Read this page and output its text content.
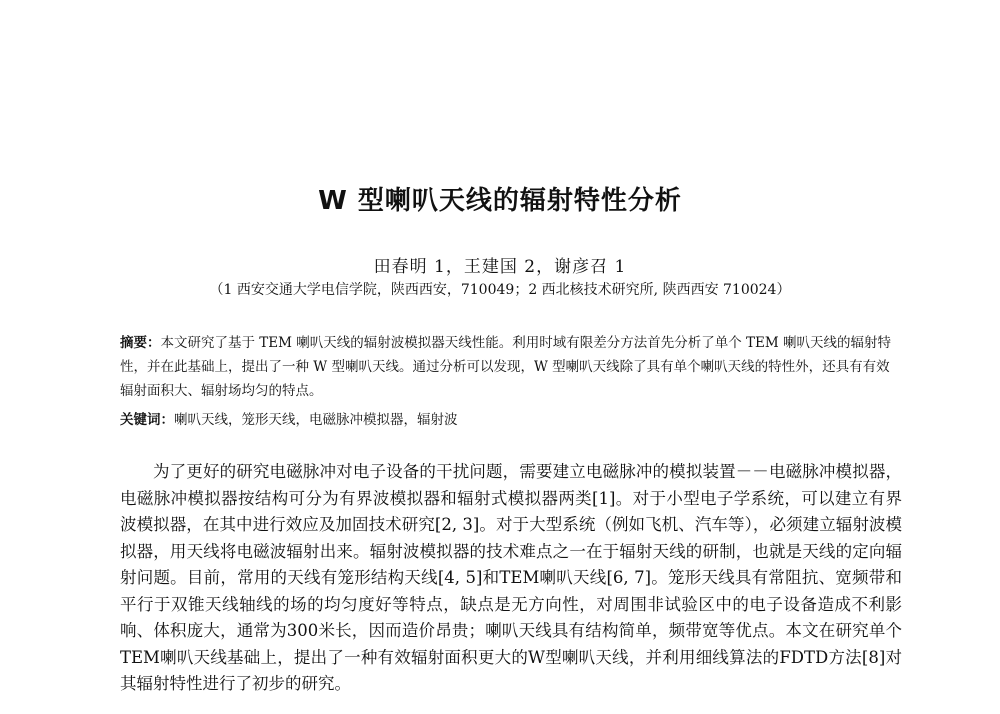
W 型喇叭天线的辐射特性分析
田春明 1，王建国 2，谢彦召 1
（1 西安交通大学电信学院，陕西西安，710049；2 西北核技术研究所, 陕西西安 710024）
摘要：本文研究了基于 TEM 喇叭天线的辐射波模拟器天线性能。利用时域有限差分方法首先分析了单个 TEM 喇叭天线的辐射特性，并在此基础上，提出了一种 W 型喇叭天线。通过分析可以发现，W 型喇叭天线除了具有单个喇叭天线的特性外，还具有有效辐射面积大、辐射场均匀的特点。
关键词：喇叭天线，笼形天线，电磁脉冲模拟器，辐射波
为了更好的研究电磁脉冲对电子设备的干扰问题，需要建立电磁脉冲的模拟装置－－电磁脉冲模拟器，电磁脉冲模拟器按结构可分为有界波模拟器和辐射式模拟器两类[1]。对于小型电子学系统，可以建立有界波模拟器，在其中进行效应及加固技术研究[2, 3]。对于大型系统（例如飞机、汽车等），必须建立辐射波模拟器，用天线将电磁波辐射出来。辐射波模拟器的技术难点之一在于辐射天线的研制，也就是天线的定向辐射问题。目前，常用的天线有笼形结构天线[4, 5]和TEM喇叭天线[6, 7]。笼形天线具有常阻抗、宽频带和平行于双锥天线轴线的场的均匀度好等特点，缺点是无方向性，对周围非试验区中的电子设备造成不利影响、体积庞大，通常为300米长，因而造价昂贵；喇叭天线具有结构简单，频带宽等优点。本文在研究单个TEM喇叭天线基础上，提出了一种有效辐射面积更大的W型喇叭天线，并利用细线算法的FDTD方法[8]对其辐射特性进行了初步的研究。
